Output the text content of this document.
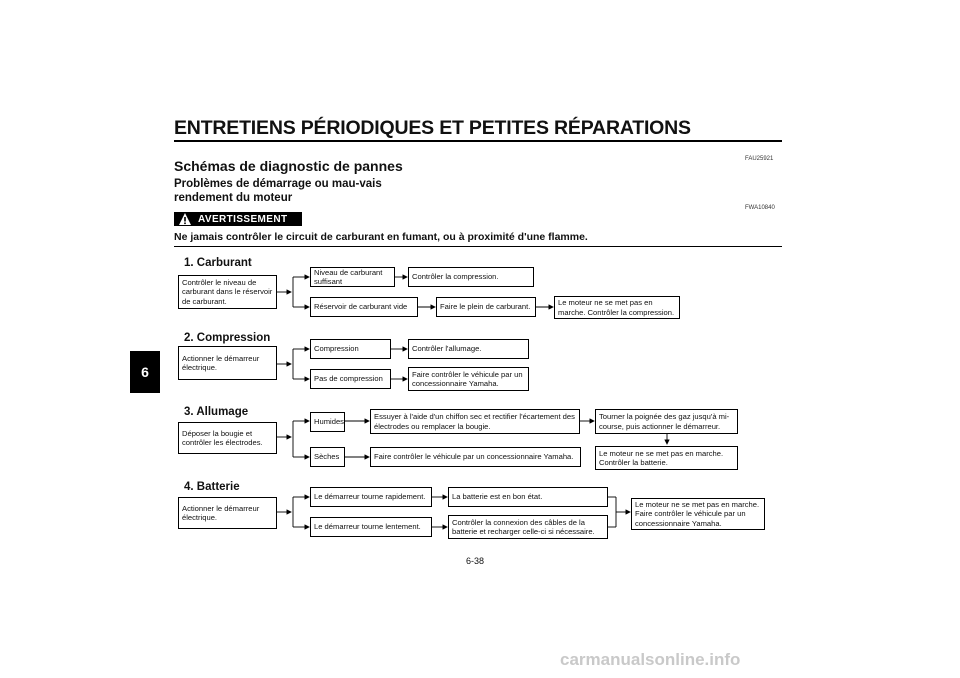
ENTRETIENS PÉRIODIQUES ET PETITES RÉPARATIONS
FAU25921
Schémas de diagnostic de pannes
Problèmes de démarrage ou mau-vais rendement du moteur
FWA10840
AVERTISSEMENT
Ne jamais contrôler le circuit de carburant en fumant, ou à proximité d'une flamme.
6
1. Carburant
Contrôler le niveau de carburant dans le réservoir de carburant.
Niveau de carburant suffisant
Contrôler la compression.
Réservoir de carburant vide	Faire le plein de carburant.	Le moteur ne se met pas en marche. Contrôler la compression.
2. Compression
Actionner le démarreur électrique.
Compression	Contrôler l'allumage.
Pas de compression
Faire contrôler le véhicule par un concessionnaire Yamaha.
3. Allumage
Déposer la bougie et contrôler les électrodes.
Humides
Essuyer à l'aide d'un chiffon sec et rectifier l'écartement des électrodes ou remplacer la bougie.
Tourner la poignée des gaz jusqu'à mi-course, puis actionner le démarreur.
Sèches	Faire contrôler le véhicule par un concessionnaire Yamaha.	Le moteur ne se met pas en marche. Contrôler la batterie.
4. Batterie
Actionner le démarreur électrique.
Le démarreur tourne rapidement.	La batterie est en bon état.
Le démarreur tourne lentement.
Contrôler la connexion des câbles de la batterie et recharger celle-ci si nécessaire.
Le moteur ne se met pas en marche. Faire contrôler le véhicule par un concessionnaire Yamaha.
6-38
carmanualsonline.info
